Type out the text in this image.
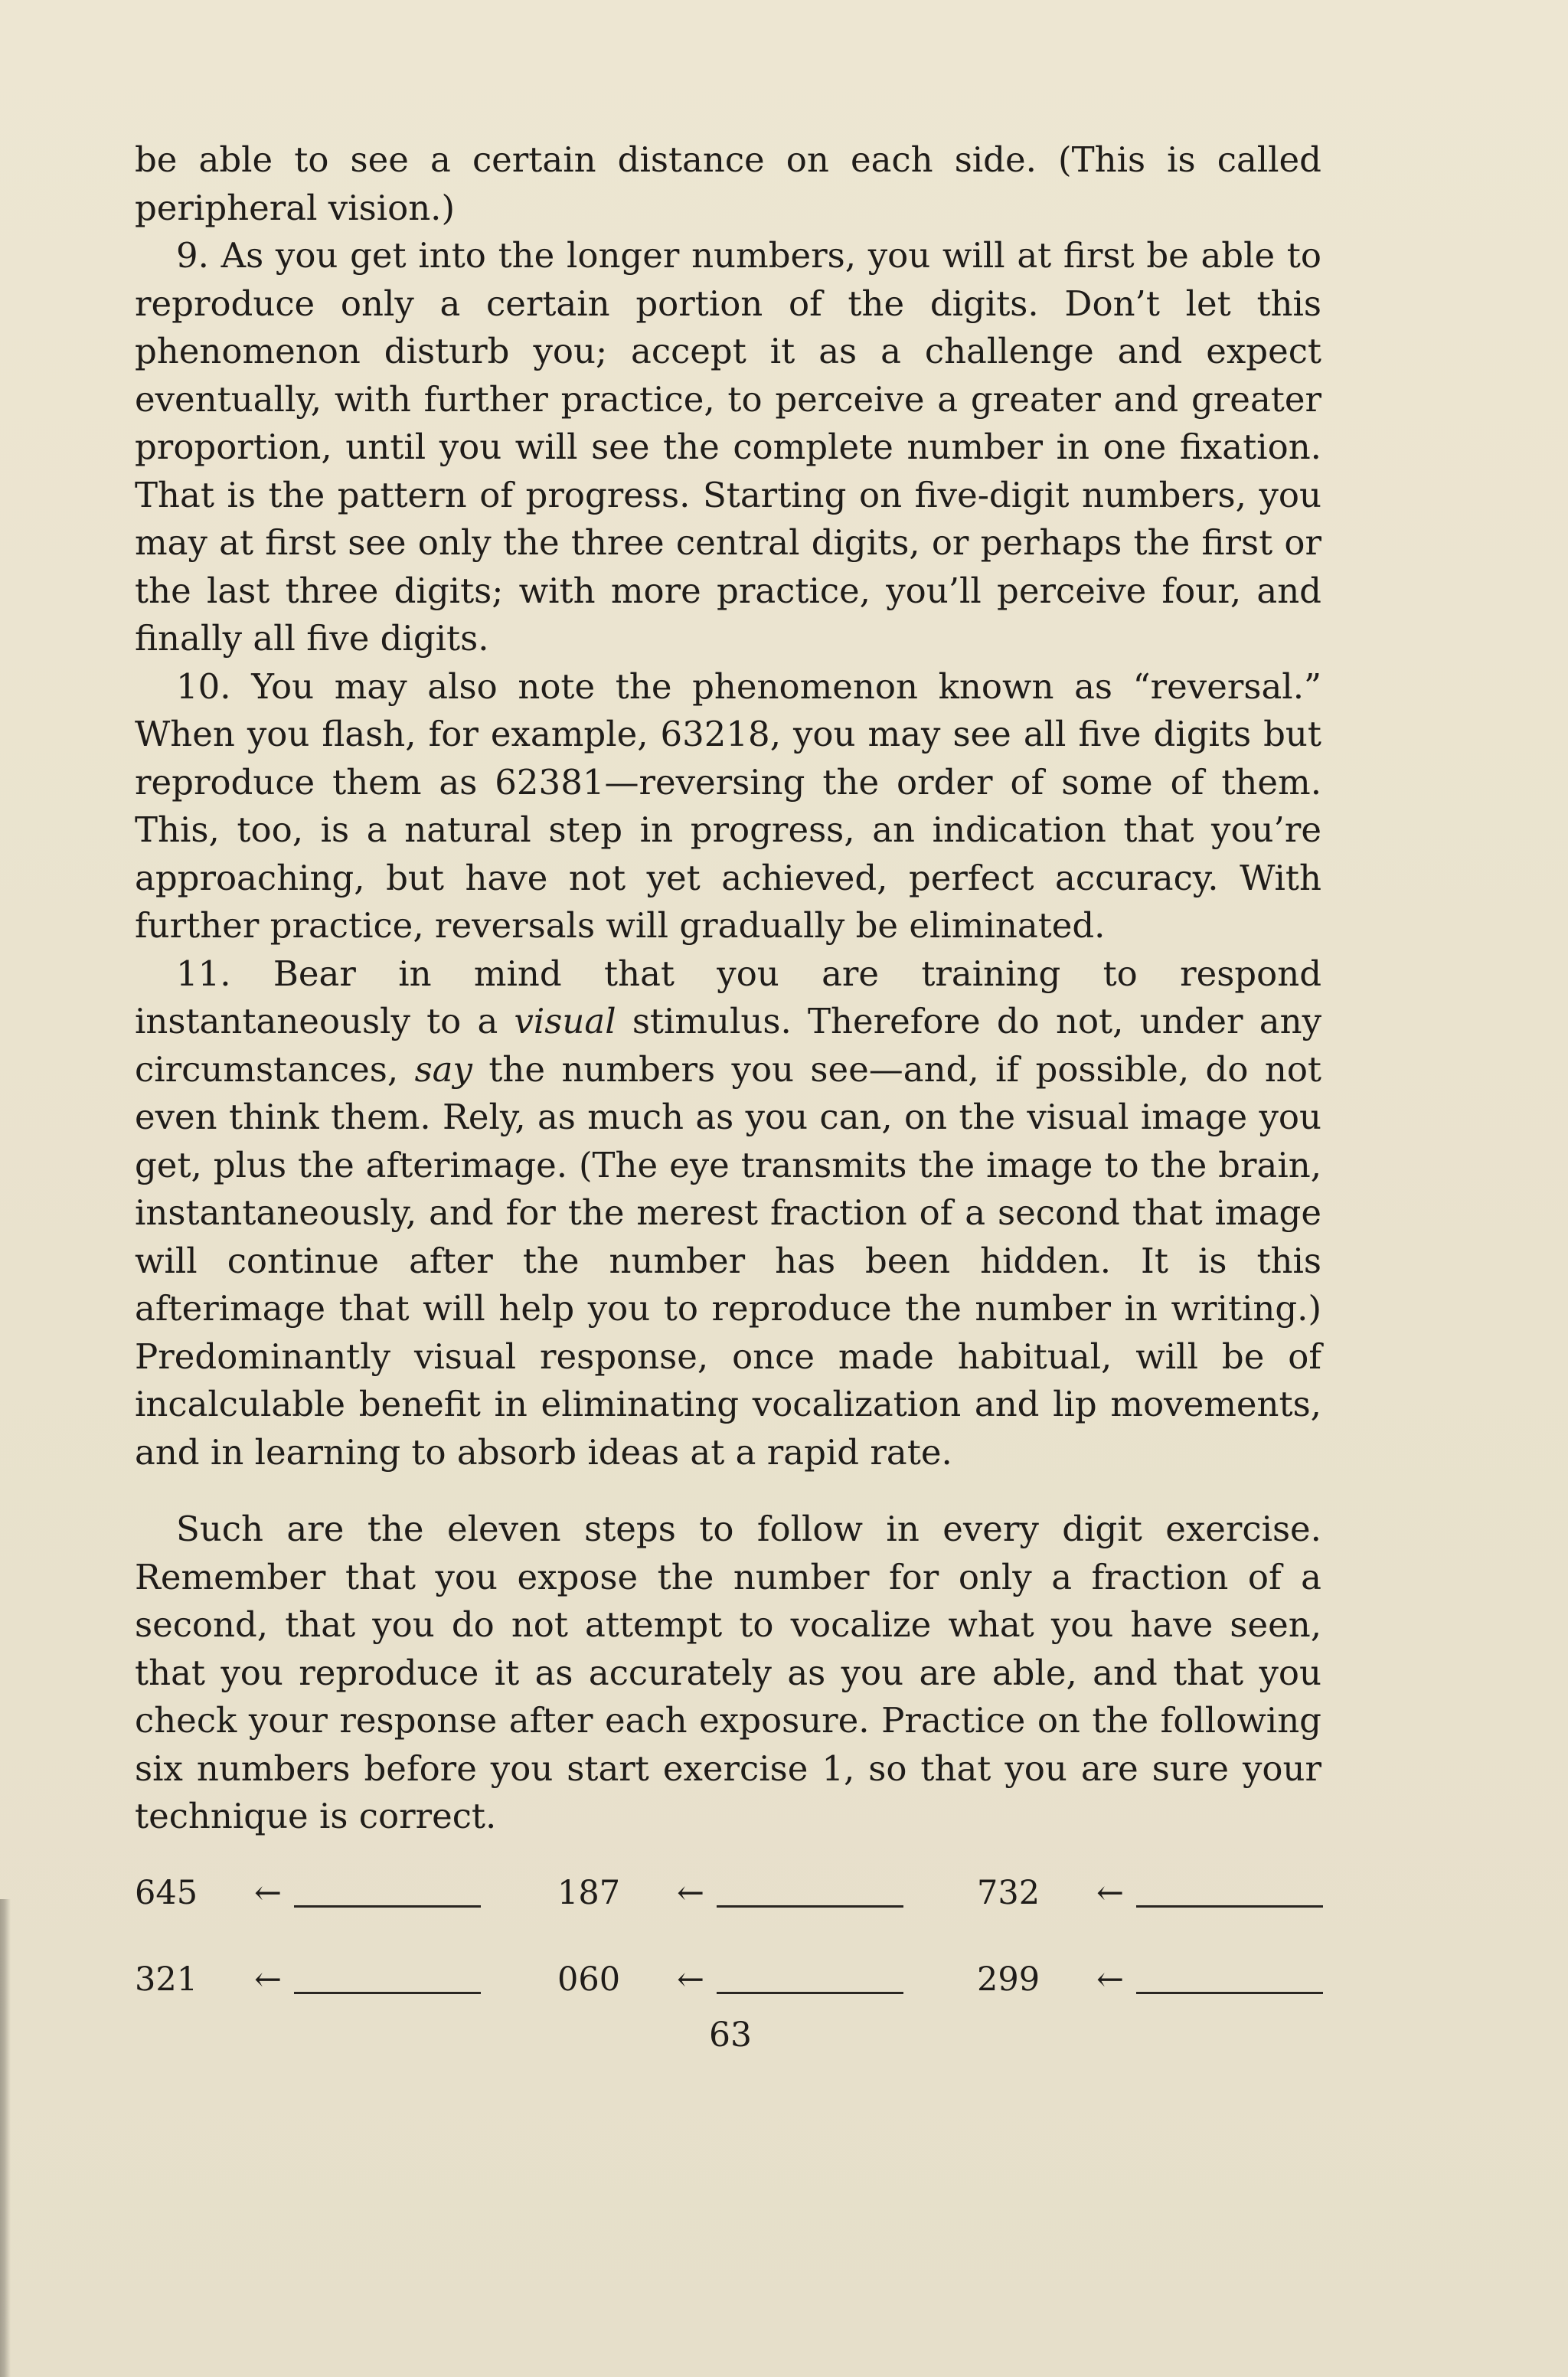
be able to see a certain distance on each side. (This is called peripheral vision.)

9. As you get into the longer numbers, you will at first be able to reproduce only a certain portion of the digits. Don’t let this phenomenon disturb you; accept it as a challenge and expect eventually, with further practice, to perceive a greater and greater proportion, until you will see the complete number in one fixation. That is the pattern of progress. Starting on five-digit numbers, you may at first see only the three central digits, or perhaps the first or the last three digits; with more practice, you’ll perceive four, and finally all five digits.

10. You may also note the phenomenon known as “reversal.” When you flash, for example, 63218, you may see all five digits but reproduce them as 62381—reversing the order of some of them. This, too, is a natural step in progress, an indication that you’re approaching, but have not yet achieved, perfect accuracy. With further practice, reversals will gradually be eliminated.

11. Bear in mind that you are training to respond instantaneously to a visual stimulus. Therefore do not, under any circumstances, say the numbers you see—and, if possible, do not even think them. Rely, as much as you can, on the visual image you get, plus the afterimage. (The eye transmits the image to the brain, instantaneously, and for the merest fraction of a second that image will continue after the number has been hidden. It is this afterimage that will help you to reproduce the number in writing.) Predominantly visual response, once made habitual, will be of incalculable benefit in eliminating vocalization and lip movements, and in learning to absorb ideas at a rapid rate.

Such are the eleven steps to follow in every digit exercise. Remember that you expose the number for only a fraction of a second, that you do not attempt to vocalize what you have seen, that you reproduce it as accurately as you are able, and that you check your response after each exposure. Practice on the following six numbers before you start exercise 1, so that you are sure your technique is correct.

645 ←	187 ←	732 ←
321 ←	060 ←	299 ←
63
